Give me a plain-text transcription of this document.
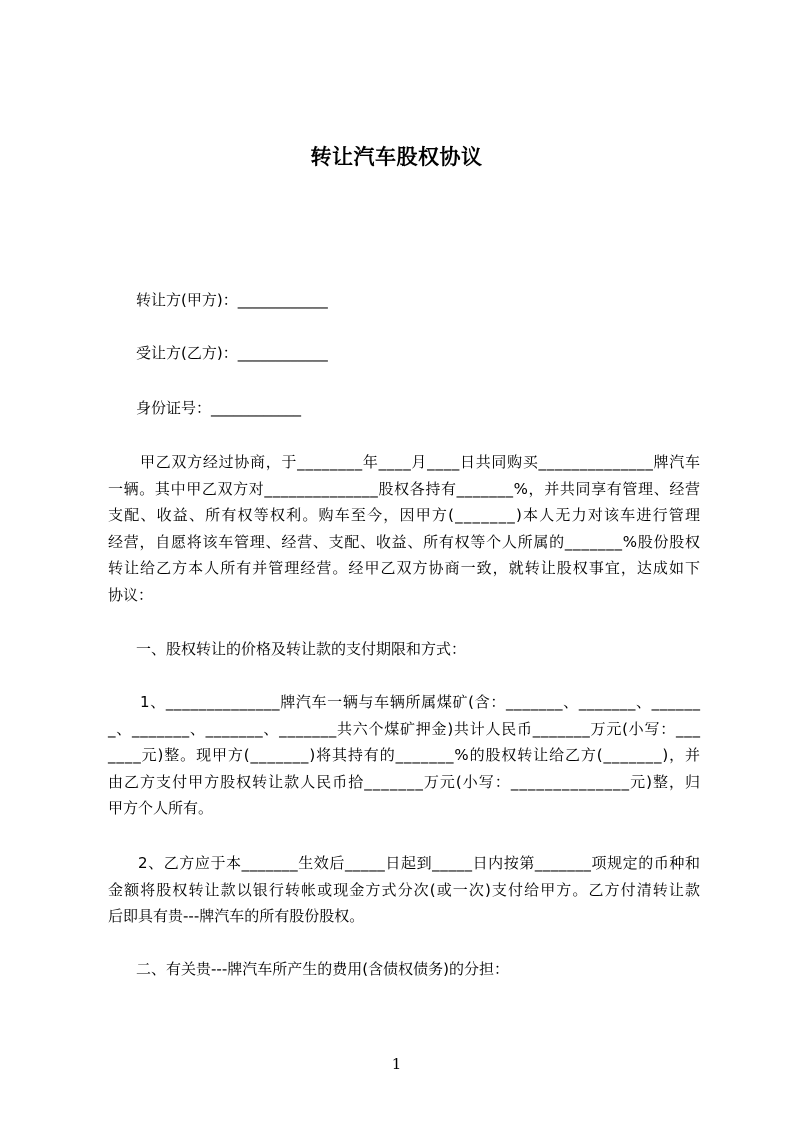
转让汽车股权协议
转让方(甲方)：____________
受让方(乙方)：____________
身份证号：____________
甲乙双方经过协商，于________年____月____日共同购买______________牌汽车
一辆。其中甲乙双方对______________股权各持有_______%，并共同享有管理、经营
支配、收益、所有权等权利。购车至今，因甲方(_______)本人无力对该车进行管理
经营，自愿将该车管理、经营、支配、收益、所有权等个人所属的_______%股份股权
转让给乙方本人所有并管理经营。经甲乙双方协商一致，就转让股权事宜，达成如下
协议：
一、股权转让的价格及转让款的支付期限和方式：
1、______________牌汽车一辆与车辆所属煤矿(含：_______、_______、______
_、_______、_______、_______共六个煤矿押金)共计人民币_______万元(小写：___
____元)整。现甲方(_______)将其持有的_______%的股权转让给乙方(_______)，并
由乙方支付甲方股权转让款人民币拾_______万元(小写：______________元)整，归
甲方个人所有。
2、乙方应于本_______生效后_____日起到_____日内按第_______项规定的币种和
金额将股权转让款以银行转帐或现金方式分次(或一次)支付给甲方。乙方付清转让款
后即具有贵---牌汽车的所有股份股权。
二、有关贵---牌汽车所产生的费用(含债权债务)的分担：
1
